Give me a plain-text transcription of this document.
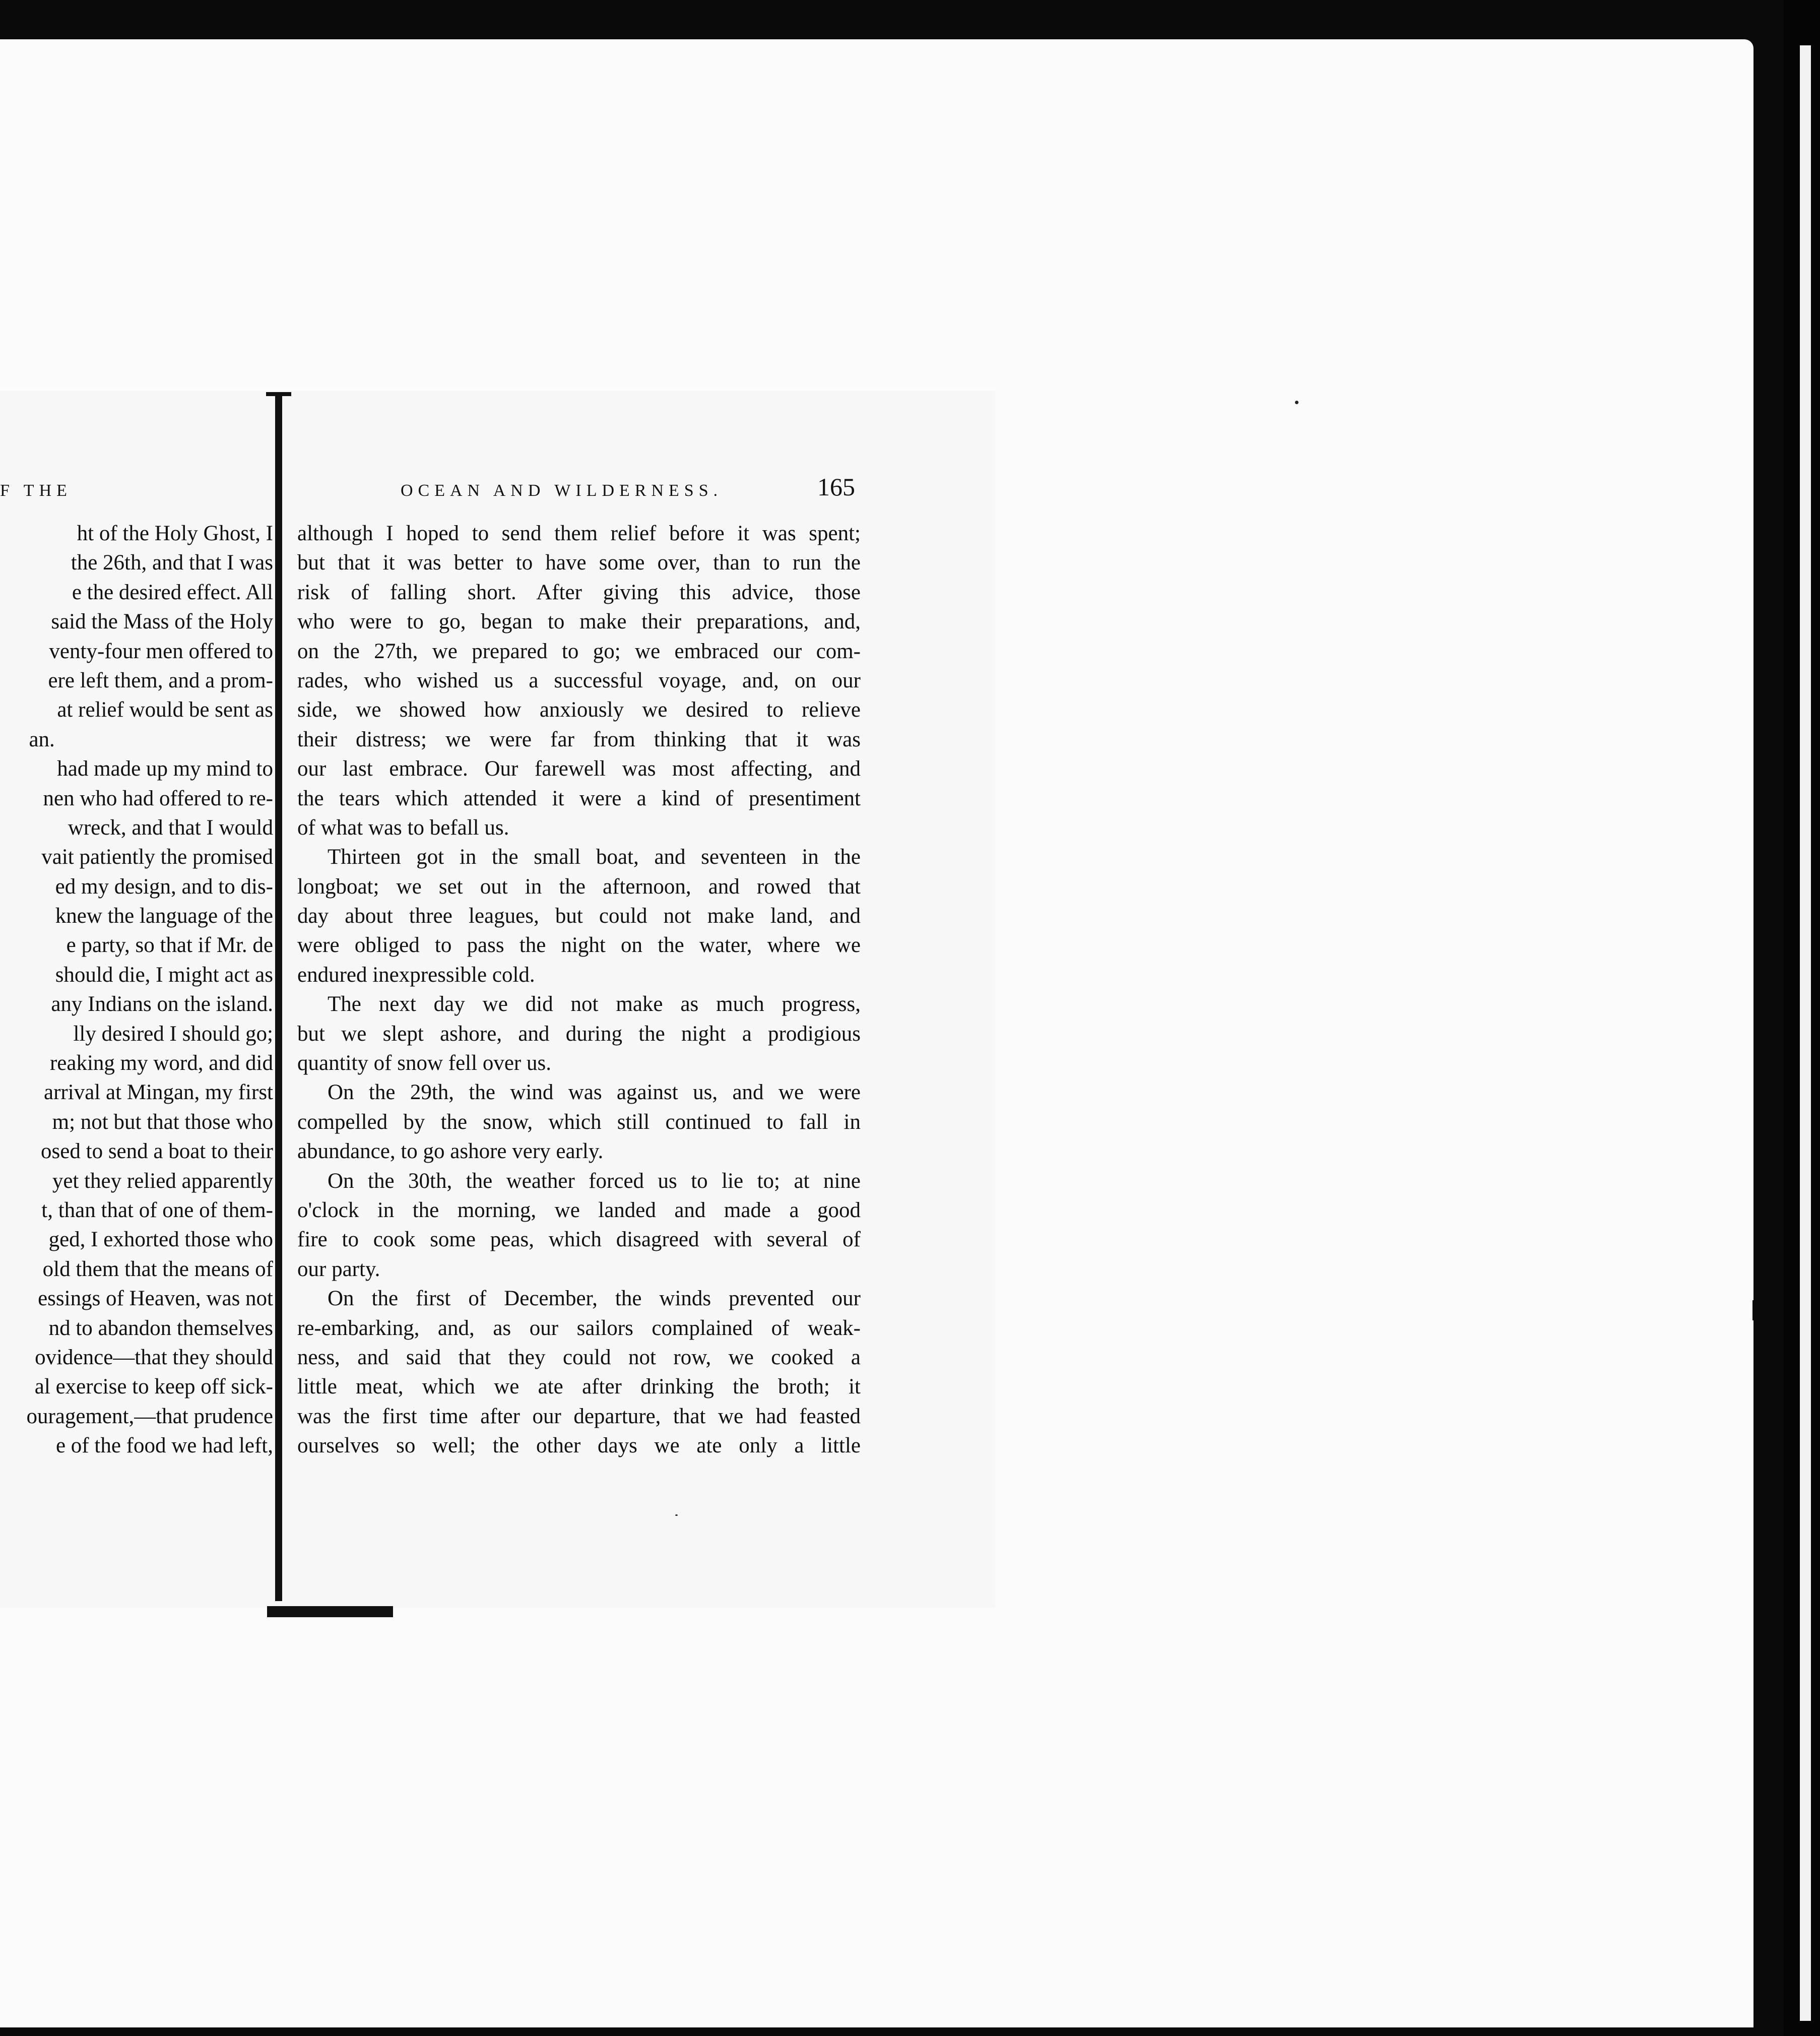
F THE	OCEAN AND WILDERNESS.	165
ht of the Holy Ghost, I
the 26th, and that I was
e the desired effect. All
said the Mass of the Holy
venty-four men offered to
ere left them, and a prom-
at relief would be sent as
an.
had made up my mind to
nen who had offered to re-
wreck, and that I would
vait patiently the promised
ed my design, and to dis-
knew the language of the
e party, so that if Mr. de
should die, I might act as
any Indians on the island.
lly desired I should go;
reaking my word, and did
arrival at Mingan, my first
m; not but that those who
osed to send a boat to their
yet they relied apparently
t, than that of one of them-
ged, I exhorted those who
old them that the means of
essings of Heaven, was not
nd to abandon themselves
ovidence—that they should
al exercise to keep off sick-
ouragement,—that prudence
e of the food we had left,
although I hoped to send them relief before it was spent;
but that it was better to have some over, than to run the
risk of falling short. After giving this advice, those
who were to go, began to make their preparations, and,
on the 27th, we prepared to go; we embraced our com-
rades, who wished us a successful voyage, and, on our
side, we showed how anxiously we desired to relieve
their distress; we were far from thinking that it was
our last embrace. Our farewell was most affecting, and
the tears which attended it were a kind of presentiment
of what was to befall us.
Thirteen got in the small boat, and seventeen in the
longboat; we set out in the afternoon, and rowed that
day about three leagues, but could not make land, and
were obliged to pass the night on the water, where we
endured inexpressible cold.
The next day we did not make as much progress,
but we slept ashore, and during the night a prodigious
quantity of snow fell over us.
On the 29th, the wind was against us, and we were
compelled by the snow, which still continued to fall in
abundance, to go ashore very early.
On the 30th, the weather forced us to lie to; at nine
o'clock in the morning, we landed and made a good
fire to cook some peas, which disagreed with several of
our party.
On the first of December, the winds prevented our
re-embarking, and, as our sailors complained of weak-
ness, and said that they could not row, we cooked a
little meat, which we ate after drinking the broth; it
was the first time after our departure, that we had feasted
ourselves so well; the other days we ate only a little
